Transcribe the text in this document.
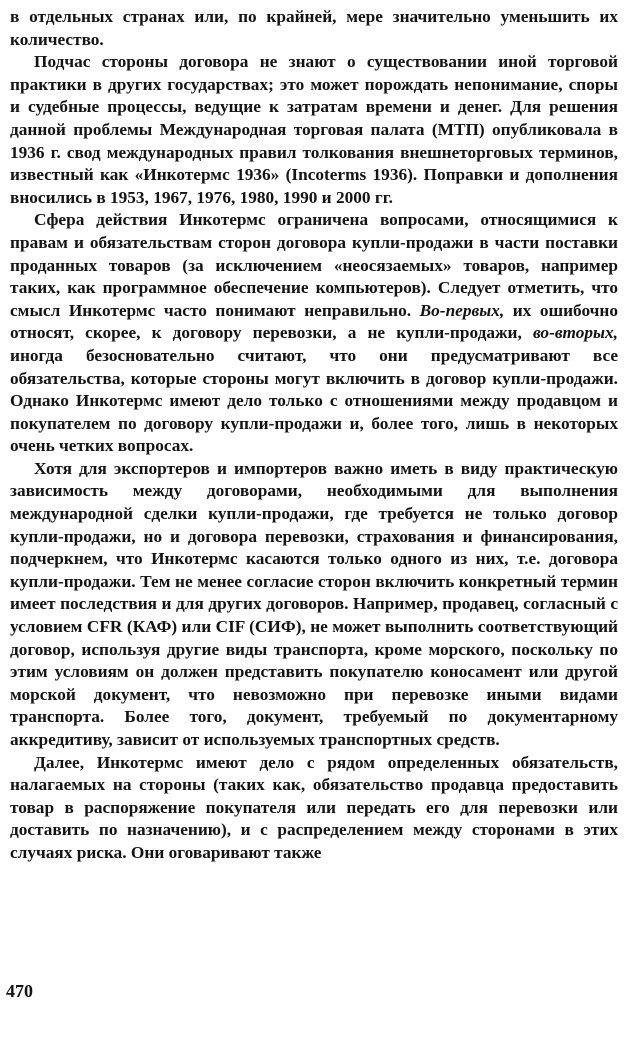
в отдельных странах или, по крайней, мере значительно уменьшить их количество.

Подчас стороны договора не знают о существовании иной торговой практики в других государствах; это может порождать непонимание, споры и судебные процессы, ведущие к затратам времени и денег. Для решения данной проблемы Международная торговая палата (МТП) опубликовала в 1936 г. свод международных правил толкования внешнеторговых терминов, известный как «Инкотермс 1936» (Incoterms 1936). Поправки и дополнения вносились в 1953, 1967, 1976, 1980, 1990 и 2000 гг.

Сфера действия Инкотермс ограничена вопросами, относящимися к правам и обязательствам сторон договора купли-продажи в части поставки проданных товаров (за исключением «неосязаемых» товаров, например таких, как программное обеспечение компьютеров). Следует отметить, что смысл Инкотермс часто понимают неправильно. Во-первых, их ошибочно относят, скорее, к договору перевозки, а не купли-продажи, во-вторых, иногда безосновательно считают, что они предусматривают все обязательства, которые стороны могут включить в договор купли-продажи. Однако Инкотермс имеют дело только с отношениями между продавцом и покупателем по договору купли-продажи и, более того, лишь в некоторых очень четких вопросах.

Хотя для экспортеров и импортеров важно иметь в виду практическую зависимость между договорами, необходимыми для выполнения международной сделки купли-продажи, где требуется не только договор купли-продажи, но и договора перевозки, страхования и финансирования, подчеркнем, что Инкотермс касаются только одного из них, т.е. договора купли-продажи. Тем не менее согласие сторон включить конкретный термин имеет последствия и для других договоров. Например, продавец, согласный с условием CFR (КАФ) или CIF (СИФ), не может выполнить соответствующий договор, используя другие виды транспорта, кроме морского, поскольку по этим условиям он должен представить покупателю коносамент или другой морской документ, что невозможно при перевозке иными видами транспорта. Более того, документ, требуемый по документарному аккредитиву, зависит от используемых транспортных средств.

Далее, Инкотермс имеют дело с рядом определенных обязательств, налагаемых на стороны (таких как, обязательство продавца предоставить товар в распоряжение покупателя или передать его для перевозки или доставить по назначению), и с распределением между сторонами в этих случаях риска. Они оговаривают также

470
